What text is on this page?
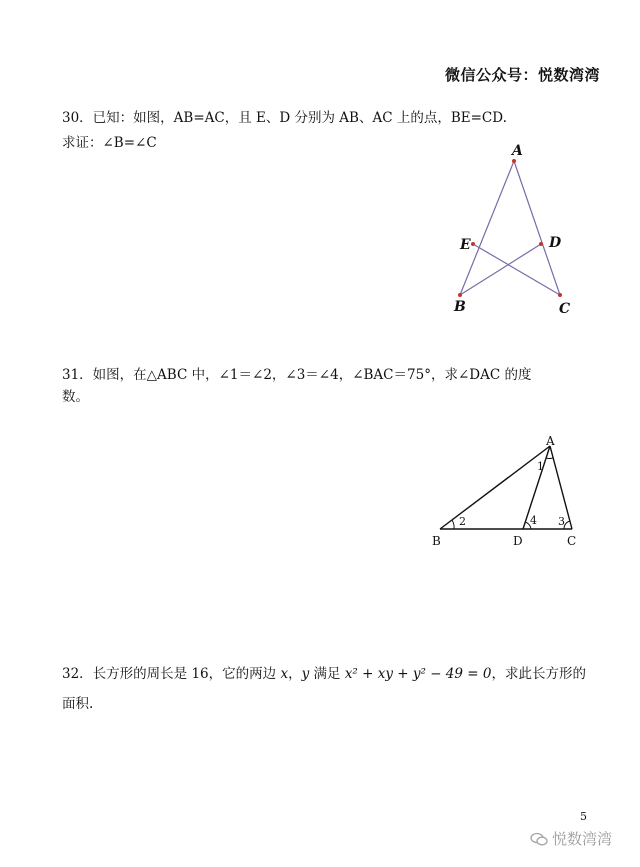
微信公众号：悦数湾湾
30．已知：如图，AB=AC，且 E、D 分别为 AB、AC 上的点，BE=CD.
求证：∠B=∠C	A
E	D
B	C
31．如图，在△ABC 中，∠1＝∠2，∠3＝∠4，∠BAC＝75°，求∠DAC 的度
数。
A
B	D	C
1
2	3
4
32．长方形的周长是 16，它的两边 x，y 满足 x² + xy + y² − 49 = 0，求此长方形的
面积.
5
悦数湾湾
